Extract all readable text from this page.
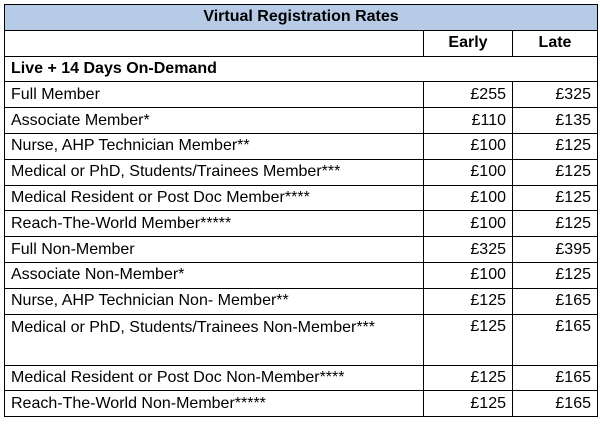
Virtual Registration Rates		
	Early	Late
Live + 14 Days On-Demand		
Full Member	£255	£325
Associate Member*	£110	£135
Nurse, AHP Technician Member**	£100	£125
Medical or PhD, Students/Trainees Member***	£100	£125
Medical Resident or Post Doc Member****	£100	£125
Reach-The-World Member*****	£100	£125
Full Non-Member	£325	£395
Associate Non-Member*	£100	£125
Nurse, AHP Technician Non- Member**	£125	£165
Medical or PhD, Students/Trainees Non-Member***	£125	£165
Medical Resident or Post Doc Non-Member****	£125	£165
Reach-The-World Non-Member*****	£125	£165
